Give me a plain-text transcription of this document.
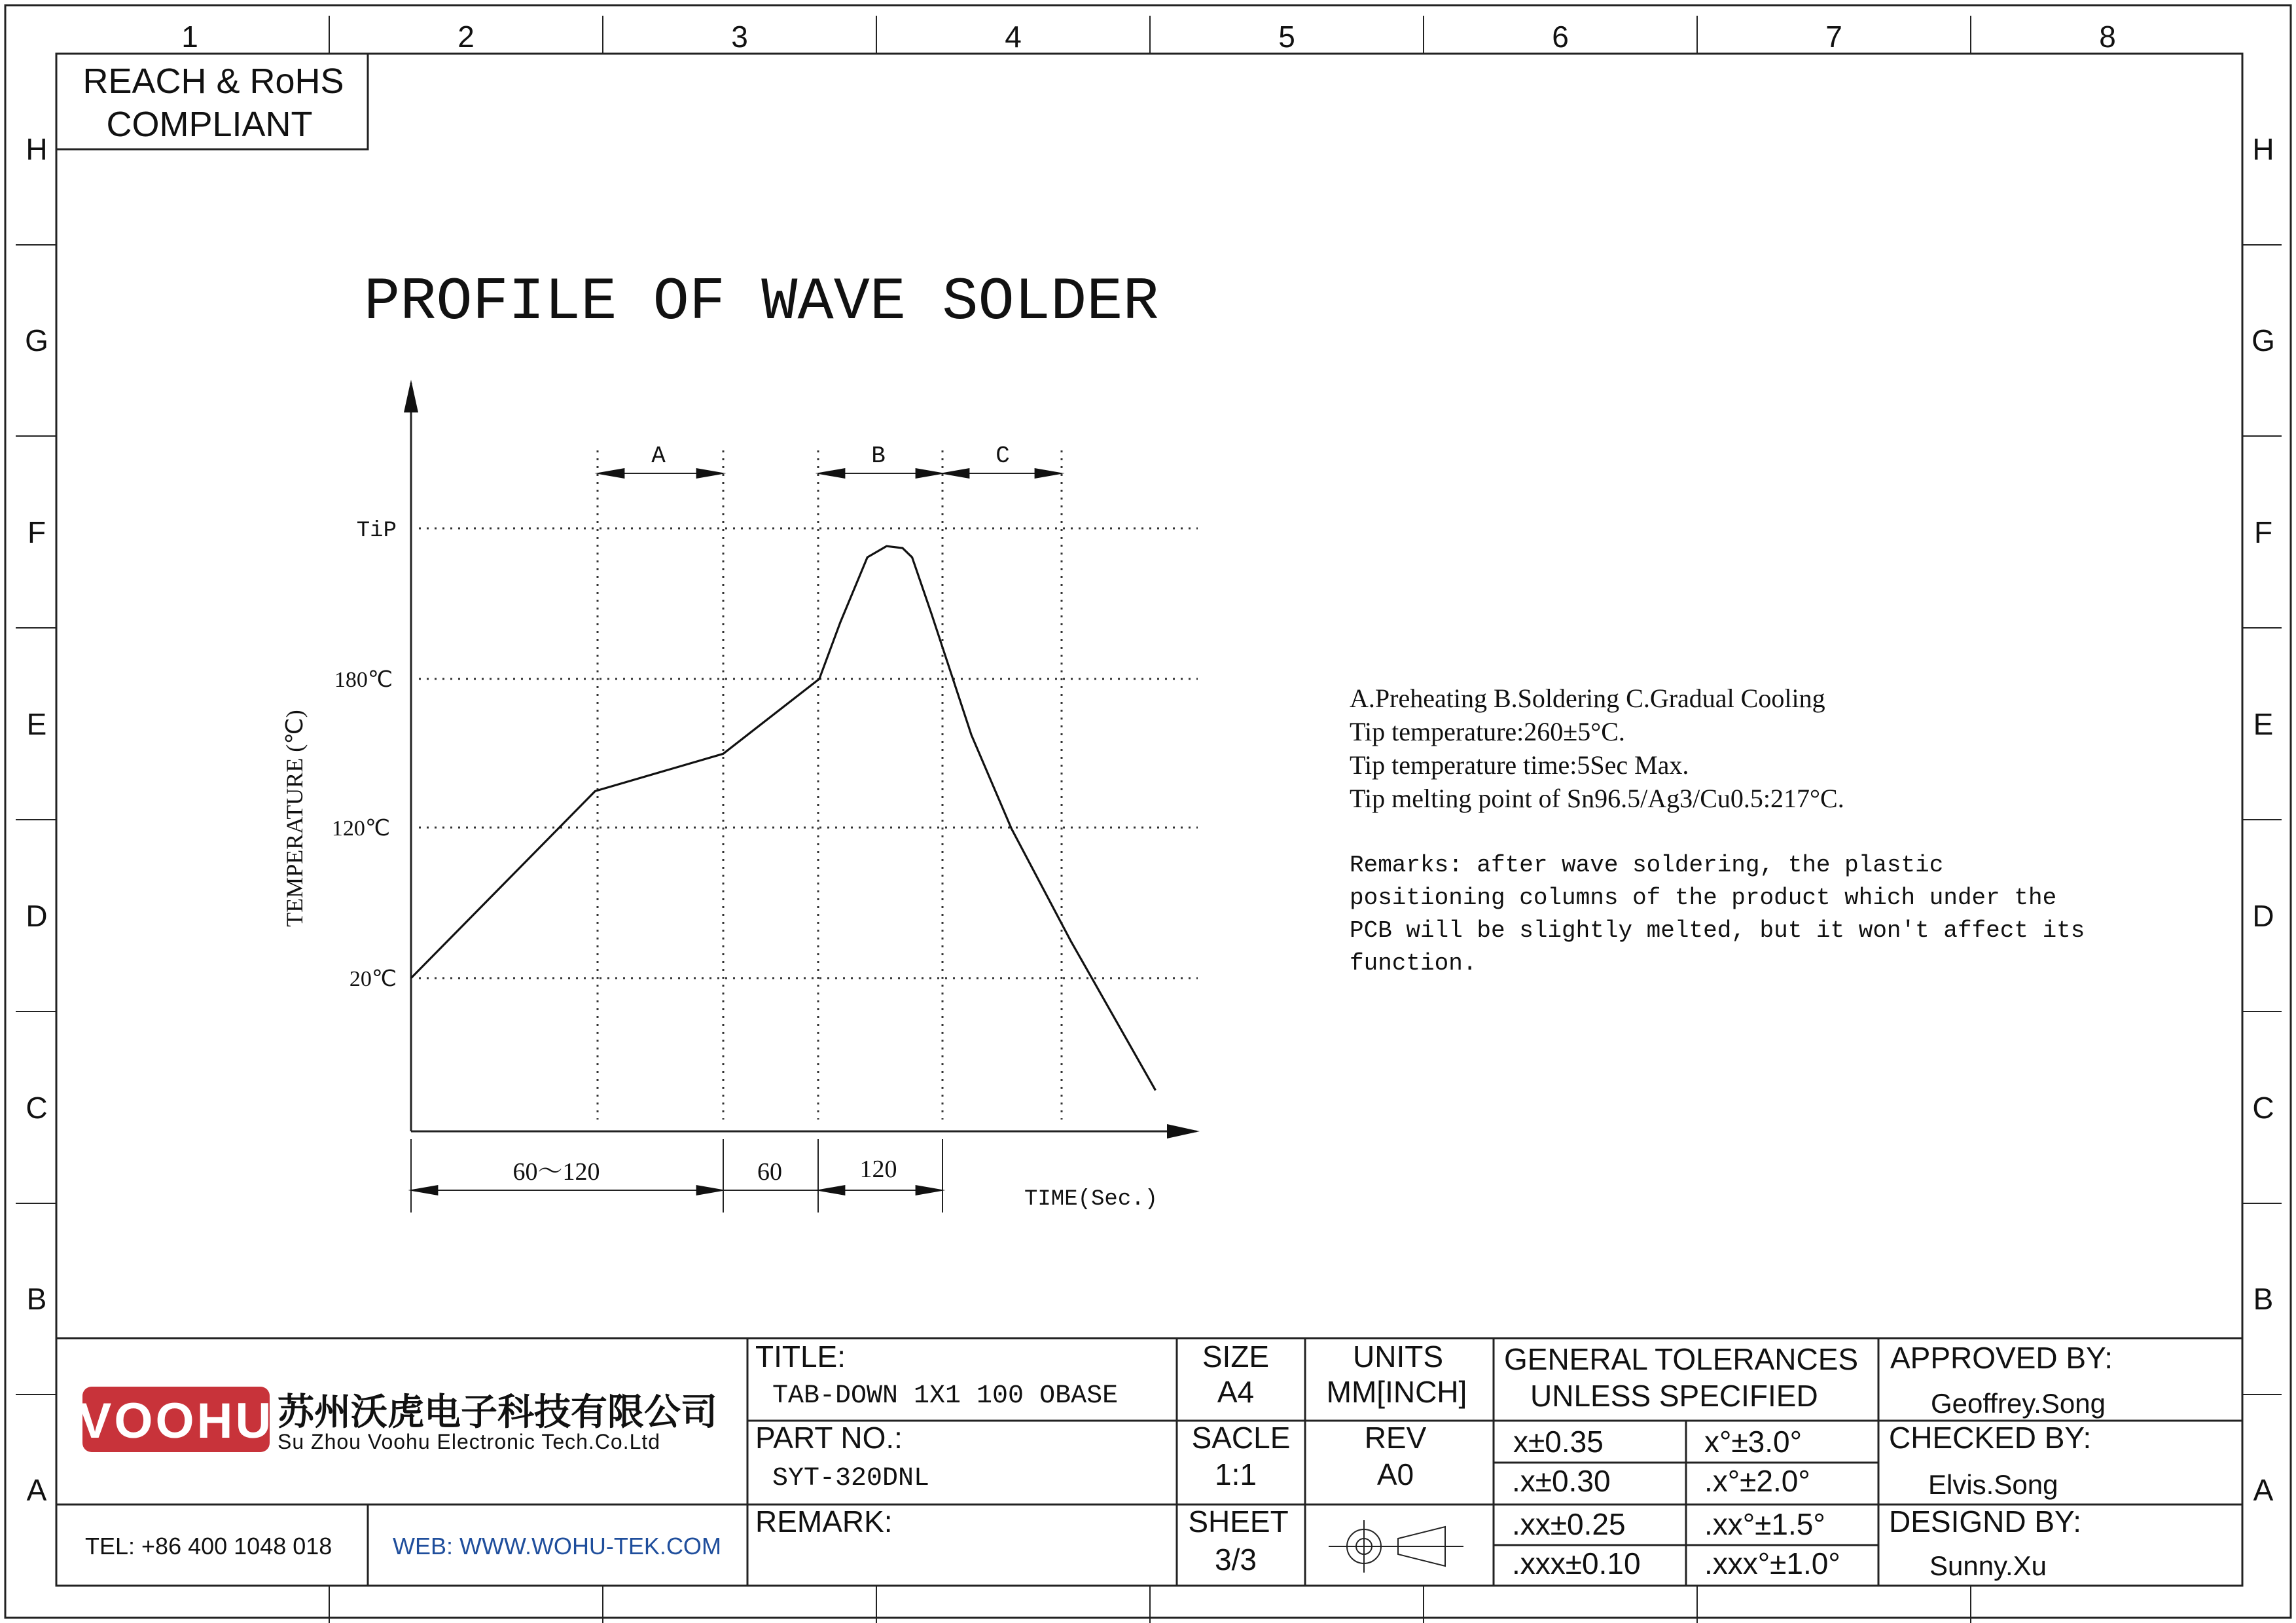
1	2	3	4	5	6	7	8
H
G
F
E
D
C
B
A
H
G
F
E
D
C
B
A
REACH & RoHS
COMPLIANT
PROFILE OF WAVE SOLDER
20℃
120℃
180℃
TiP
TEMPERATURE (℃)
TIME(Sec.)
A	B	C
60～120	60	120
A.Preheating B.Soldering C.Gradual Cooling
Tip temperature:260±5°C.
Tip temperature time:5Sec Max.
Tip melting point of Sn96.5/Ag3/Cu0.5:217°C.
Remarks: after wave soldering, the plastic
positioning columns of the product which under the
PCB will be slightly melted, but it won't affect its
function.
VOOHU 苏州沃虎电子科技有限公司
Su Zhou Voohu Electronic Tech.Co.Ltd
TEL: +86 400 1048 018	WEB: WWW.WOHU-TEK.COM
TITLE:
TAB-DOWN 1X1 100 OBASE
PART NO.:
SYT-320DNL
REMARK:
SIZE
A4
SACLE
1:1
SHEET
3/3
UNITS
MM[INCH]
REV
A0
GENERAL TOLERANCES
UNLESS SPECIFIED
x±0.35	x°±3.0°
.x±0.30	.x°±2.0°
.xx±0.25	.xx°±1.5°
.xxx±0.10 .xxx°±1.0°
APPROVED BY:
Geoffrey.Song
CHECKED BY:
Elvis.Song
DESIGND BY:
Sunny.Xu
